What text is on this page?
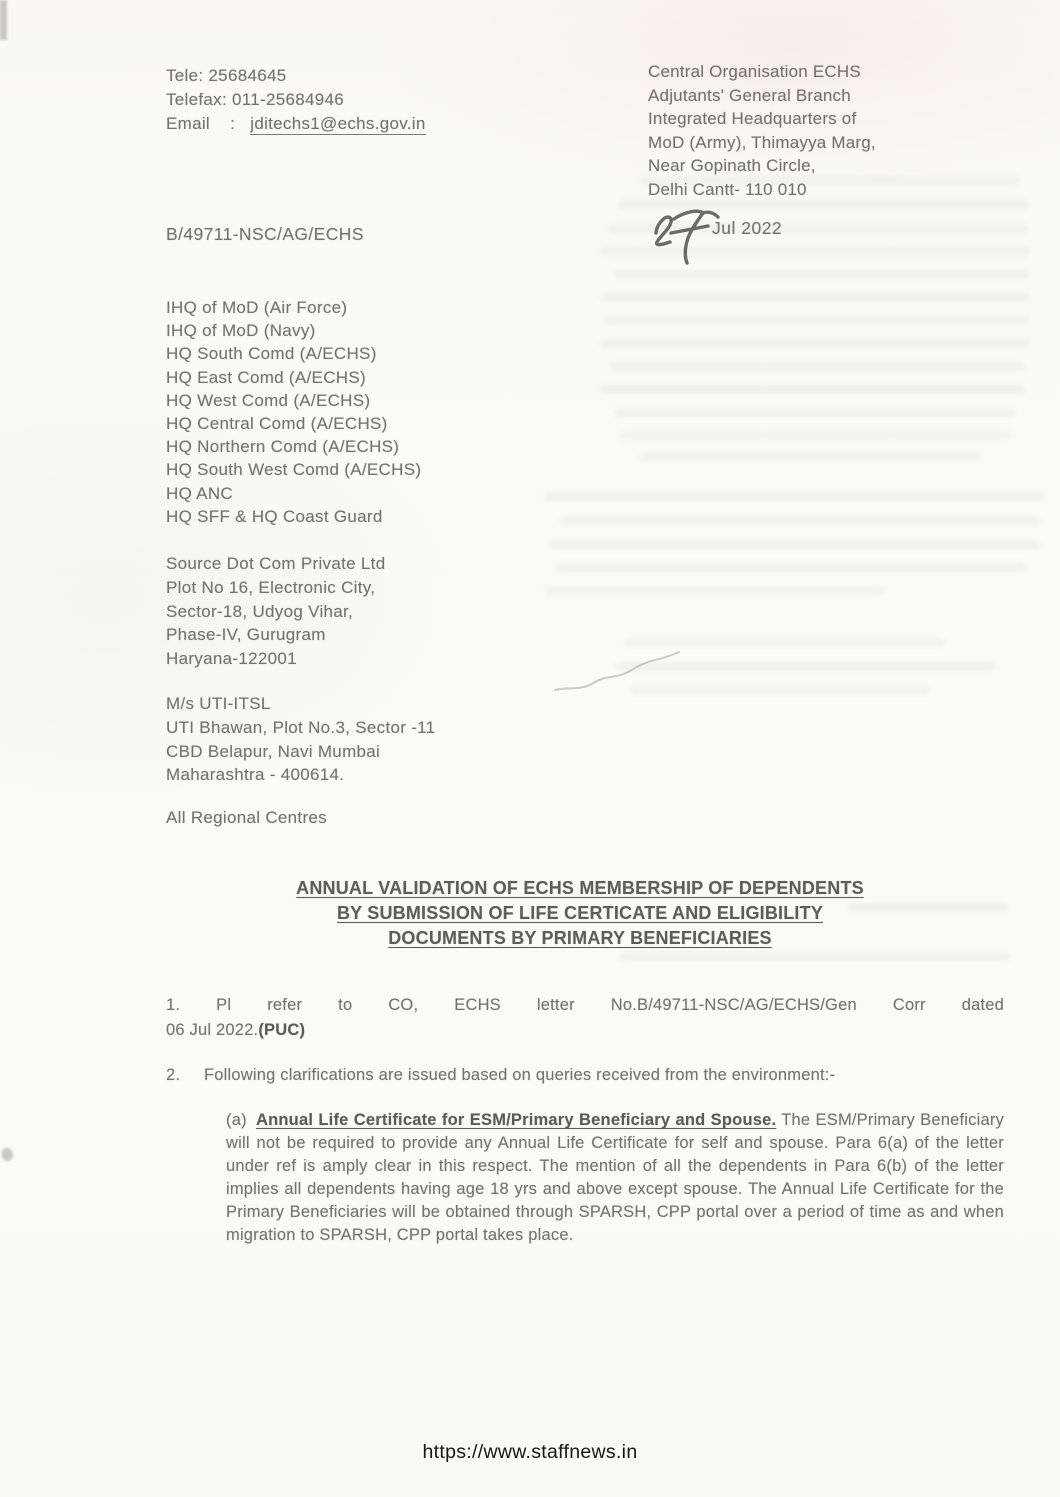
Tele: 25684645
Telefax: 011-25684946
Email : jditechs1@echs.gov.in
Central Organisation ECHS
Adjutants' General Branch
Integrated Headquarters of
MoD (Army), Thimayya Marg,
Near Gopinath Circle,
Delhi Cantt- 110 010
B/49711-NSC/AG/ECHS	Jul 2022
IHQ of MoD (Air Force)
IHQ of MoD (Navy)
HQ South Comd (A/ECHS)
HQ East Comd (A/ECHS)
HQ West Comd (A/ECHS)
HQ Central Comd (A/ECHS)
HQ Northern Comd (A/ECHS)
HQ South West Comd (A/ECHS)
HQ ANC
HQ SFF & HQ Coast Guard
Source Dot Com Private Ltd
Plot No 16, Electronic City,
Sector-18, Udyog Vihar,
Phase-IV, Gurugram
Haryana-122001
M/s UTI-ITSL
UTI Bhawan, Plot No.3, Sector -11
CBD Belapur, Navi Mumbai
Maharashtra - 400614.
All Regional Centres
ANNUAL VALIDATION OF ECHS MEMBERSHIP OF DEPENDENTS
BY SUBMISSION OF LIFE CERTICATE AND ELIGIBILITY
DOCUMENTS BY PRIMARY BENEFICIARIES
1. Pl refer to CO, ECHS letter No.B/49711-NSC/AG/ECHS/Gen Corr dated
06 Jul 2022.(PUC)
2. Following clarifications are issued based on queries received from the environment:-
(a) Annual Life Certificate for ESM/Primary Beneficiary and Spouse. The ESM/Primary Beneficiary will not be required to provide any Annual Life Certificate for self and spouse. Para 6(a) of the letter under ref is amply clear in this respect. The mention of all the dependents in Para 6(b) of the letter implies all dependents having age 18 yrs and above except spouse. The Annual Life Certificate for the Primary Beneficiaries will be obtained through SPARSH, CPP portal over a period of time as and when migration to SPARSH, CPP portal takes place.
https://www.staffnews.in
